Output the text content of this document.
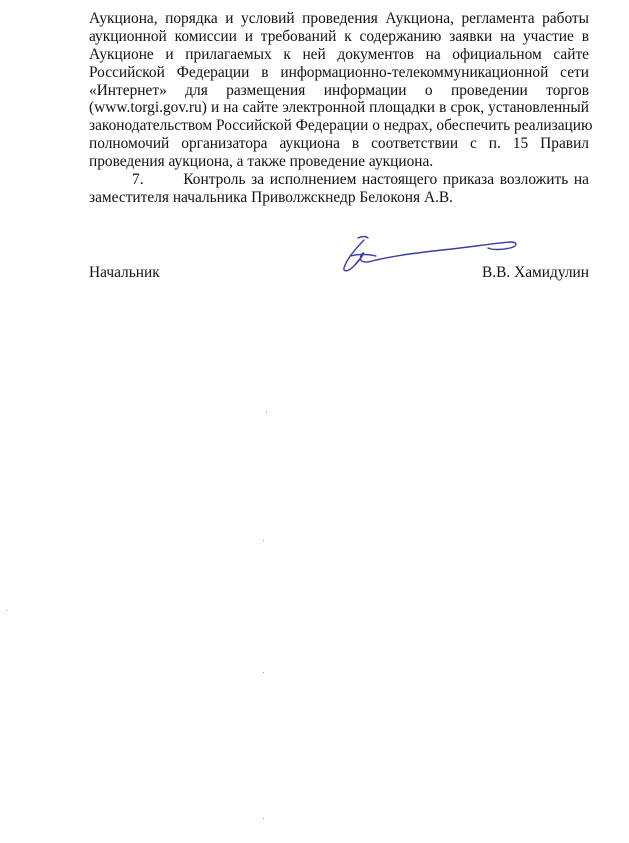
Аукциона, порядка и условий проведения Аукциона, регламента работы
аукционной комиссии и требований к содержанию заявки на участие в
Аукционе и прилагаемых к ней документов на официальном сайте
Российской Федерации в информационно-телекоммуникационной сети
«Интернет» для размещения информации о проведении торгов
(www.torgi.gov.ru) и на сайте электронной площадки в срок, установленный
законодательством Российской Федерации о недрах, обеспечить реализацию
полномочий организатора аукциона в соответствии с п. 15 Правил
проведения аукциона, а также проведение аукциона.
7.	Контроль за исполнением настоящего приказа возложить на
заместителя начальника Приволжскнедр Белоконя А.В.
Начальник	В.В. Хамидулин
